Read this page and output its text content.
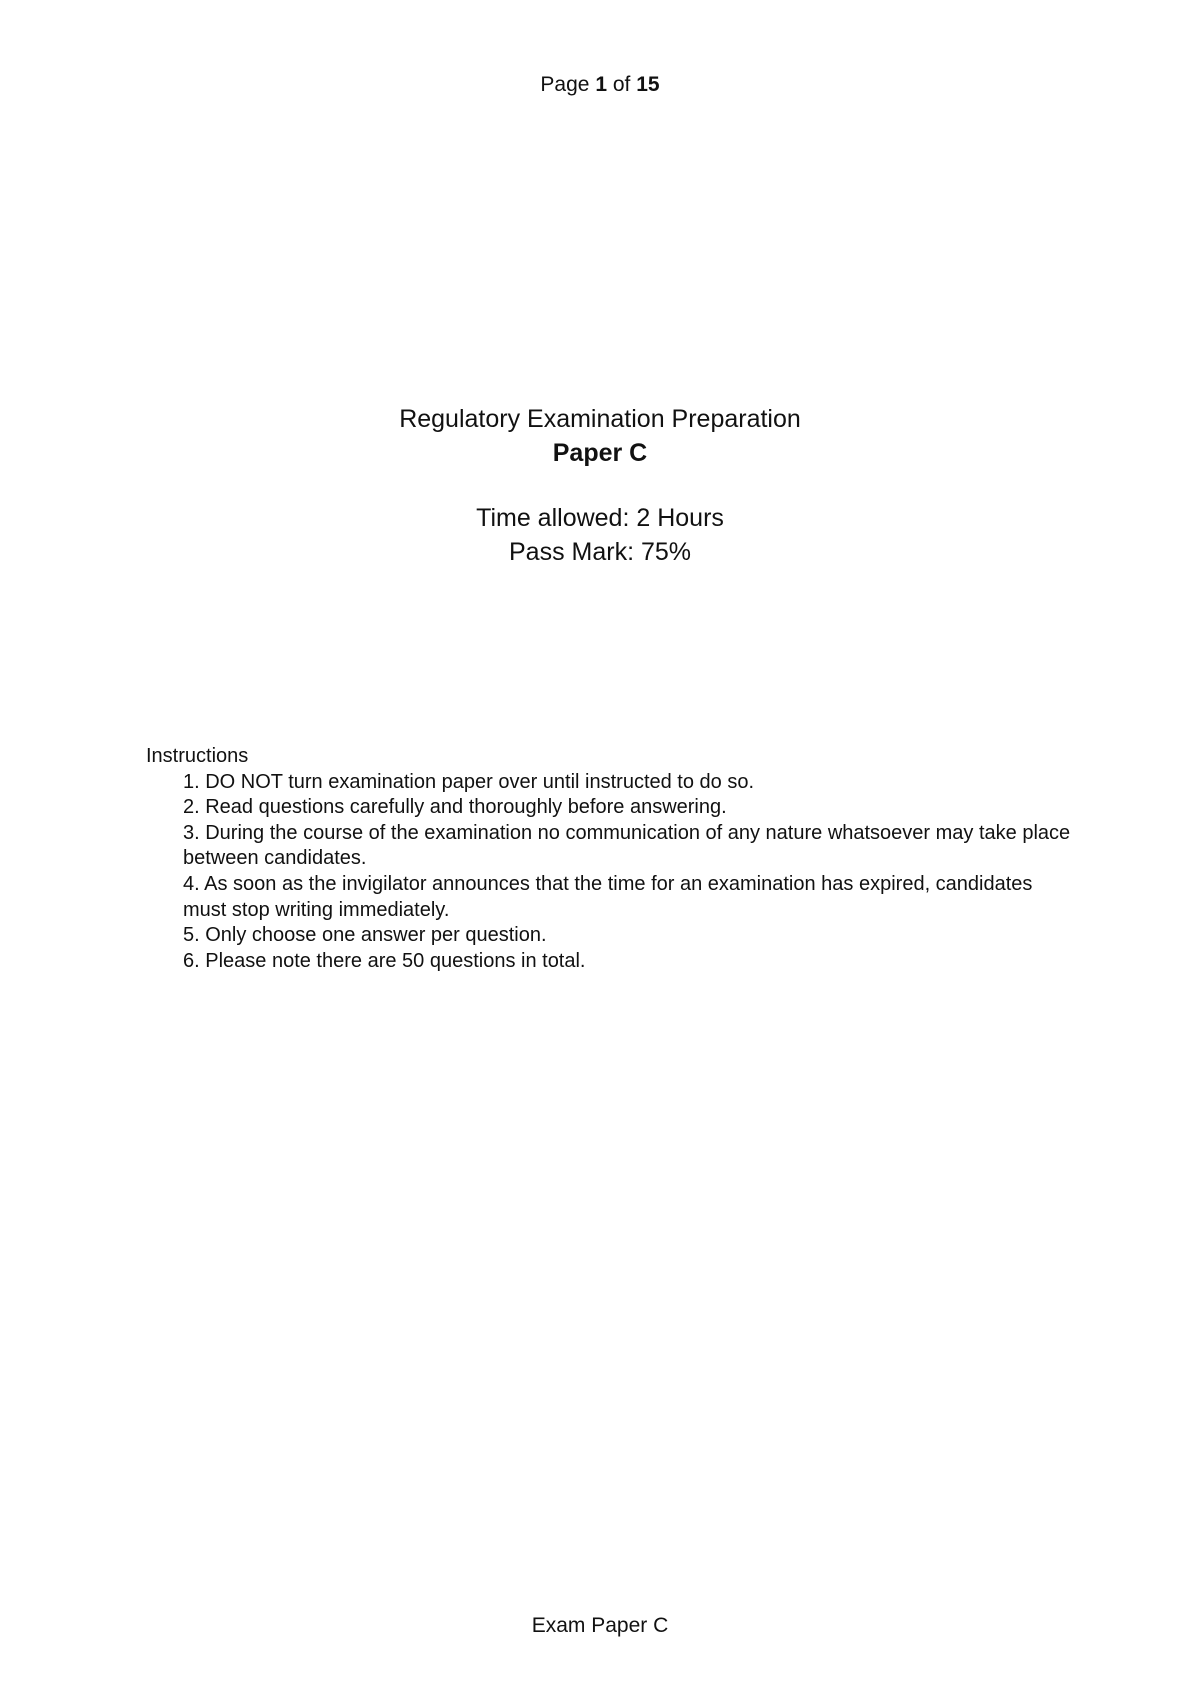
Page 1 of 15

Regulatory Examination Preparation

Paper C

Time allowed: 2 Hours

Pass Mark: 75%

Instructions

1. DO NOT turn examination paper over until instructed to do so.
2. Read questions carefully and thoroughly before answering.
3. During the course of the examination no communication of any nature whatsoever may take place between candidates.
4. As soon as the invigilator announces that the time for an examination has expired, candidates must stop writing immediately.
5. Only choose one answer per question.
6. Please note there are 50 questions in total.
Exam Paper C
